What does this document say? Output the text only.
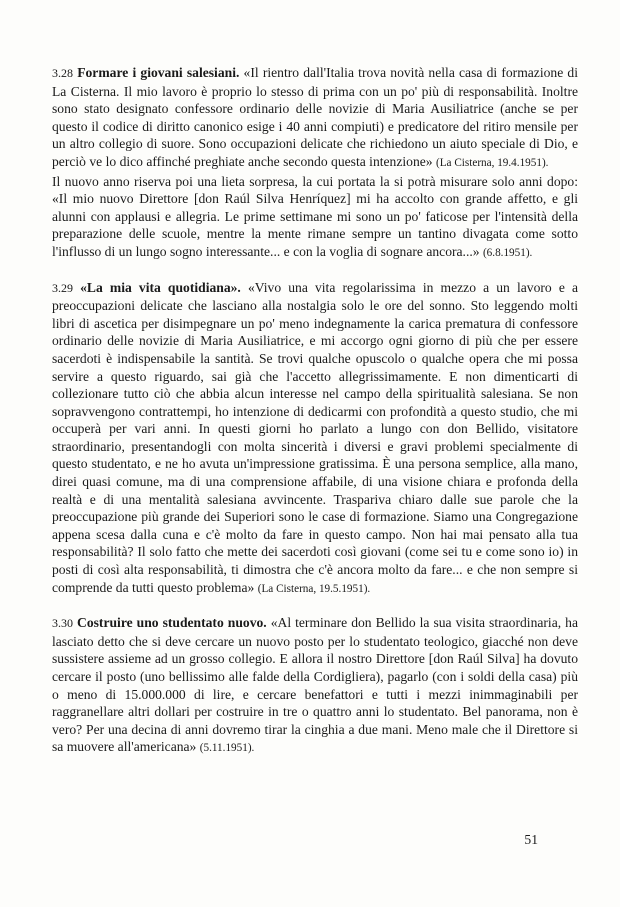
3.28 Formare i giovani salesiani. «Il rientro dall'Italia trova novità nella casa di formazione di La Cisterna. Il mio lavoro è proprio lo stesso di prima con un po' più di responsabilità. Inoltre sono stato designato confessore ordinario delle novizie di Maria Ausiliatrice (anche se per questo il codice di diritto canonico esige i 40 anni compiuti) e predicatore del ritiro mensile per un altro collegio di suore. Sono occupazioni delicate che richiedono un aiuto speciale di Dio, e perciò ve lo dico affinché preghiate anche secondo questa intenzione» (La Cisterna, 19.4.1951).

Il nuovo anno riserva poi una lieta sorpresa, la cui portata la si potrà misurare solo anni dopo: «Il mio nuovo Direttore [don Raúl Silva Henríquez] mi ha accolto con grande affetto, e gli alunni con applausi e allegria. Le prime settimane mi sono un po' faticose per l'intensità della preparazione delle scuole, mentre la mente rimane sempre un tantino divagata come sotto l'influsso di un lungo sogno interessante... e con la voglia di sognare ancora...» (6.8.1951).

3.29 «La mia vita quotidiana». «Vivo una vita regolarissima in mezzo a un lavoro e a preoccupazioni delicate che lasciano alla nostalgia solo le ore del sonno. Sto leggendo molti libri di ascetica per disimpegnare un po' meno indegnamente la carica prematura di confessore ordinario delle novizie di Maria Ausiliatrice, e mi accorgo ogni giorno di più che per essere sacerdoti è indispensabile la santità. Se trovi qualche opuscolo o qualche opera che mi possa servire a questo riguardo, sai già che l'accetto allegrissimamente. E non dimenticarti di collezionare tutto ciò che abbia alcun interesse nel campo della spiritualità salesiana. Se non sopravvengono contrattempi, ho intenzione di dedicarmi con profondità a questo studio, che mi occuperà per vari anni. In questi giorni ho parlato a lungo con don Bellido, visitatore straordinario, presentandogli con molta sincerità i diversi e gravi problemi specialmente di questo studentato, e ne ho avuta un'impressione gratissima. È una persona semplice, alla mano, direi quasi comune, ma di una comprensione affabile, di una visione chiara e profonda della realtà e di una mentalità salesiana avvincente. Traspariva chiaro dalle sue parole che la preoccupazione più grande dei Superiori sono le case di formazione. Siamo una Congregazione appena scesa dalla cuna e c'è molto da fare in questo campo. Non hai mai pensato alla tua responsabilità? Il solo fatto che mette dei sacerdoti così giovani (come sei tu e come sono io) in posti di così alta responsabilità, ti dimostra che c'è ancora molto da fare... e che non sempre si comprende da tutti questo problema» (La Cisterna, 19.5.1951).

3.30 Costruire uno studentato nuovo. «Al terminare don Bellido la sua visita straordinaria, ha lasciato detto che si deve cercare un nuovo posto per lo studentato teologico, giacché non deve sussistere assieme ad un grosso collegio. E allora il nostro Direttore [don Raúl Silva] ha dovuto cercare il posto (uno bellissimo alle falde della Cordigliera), pagarlo (con i soldi della casa) più o meno di 15.000.000 di lire, e cercare benefattori e tutti i mezzi inimmaginabili per raggranellare altri dollari per costruire in tre o quattro anni lo studentato. Bel panorama, non è vero? Per una decina di anni dovremo tirar la cinghia a due mani. Meno male che il Direttore si sa muovere all'americana» (5.11.1951).

51
